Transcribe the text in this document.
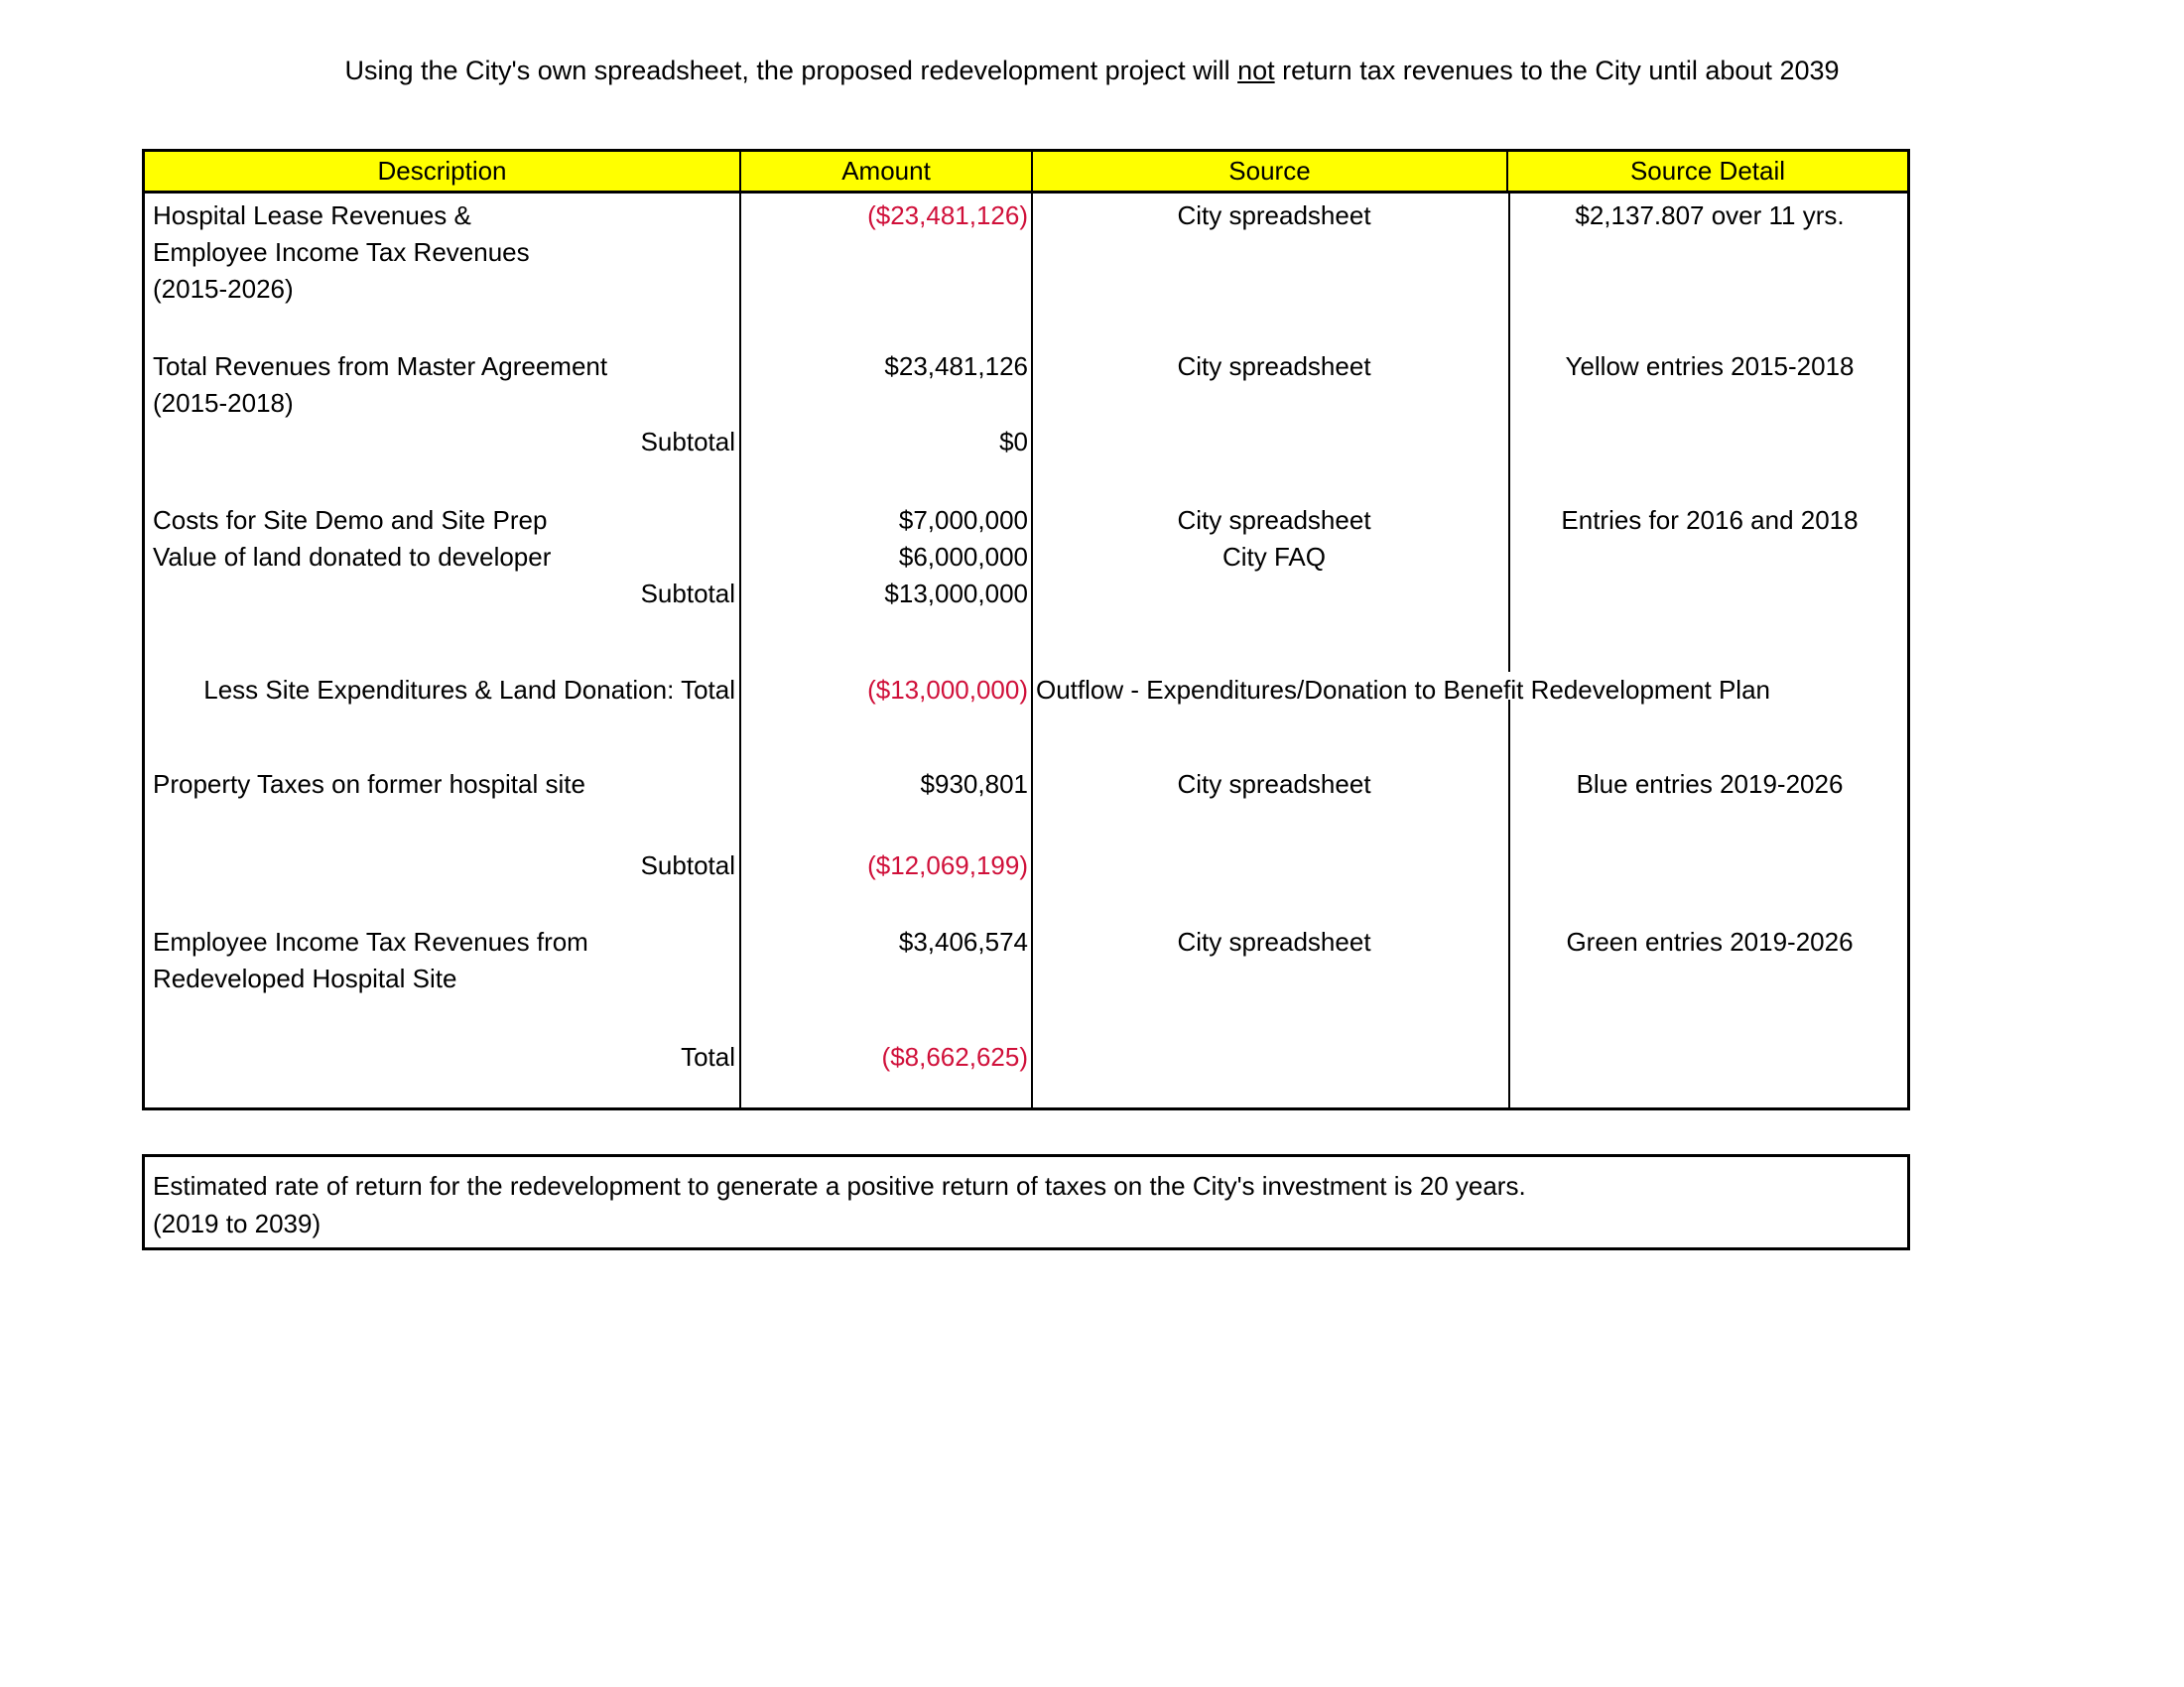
Using the City's own spreadsheet, the proposed redevelopment project will not return tax revenues to the City until about 2039
Description	Amount	Source	Source Detail
Hospital Lease Revenues &	($23,481,126)	City spreadsheet	$2,137.807 over 11 yrs.
Employee Income Tax Revenues
(2015-2026)
Total Revenues from Master Agreement	$23,481,126	City spreadsheet	Yellow entries 2015-2018
(2015-2018)
Subtotal	$0
Costs for Site Demo and Site Prep	$7,000,000	City spreadsheet	Entries for 2016 and 2018
Value of land donated to developer	$6,000,000	City FAQ
Subtotal	$13,000,000
Less Site Expenditures & Land Donation: Total	($13,000,000) Outflow - Expenditures/Donation to Benefit Redevelopment Plan
Property Taxes on former hospital site	$930,801	City spreadsheet	Blue entries 2019-2026
Subtotal	($12,069,199)
Employee Income Tax Revenues from	$3,406,574	City spreadsheet	Green entries 2019-2026
Redeveloped Hospital Site
Total	($8,662,625)
Estimated rate of return for the redevelopment to generate a positive return of taxes on the City's investment is 20 years.
(2019 to 2039)
